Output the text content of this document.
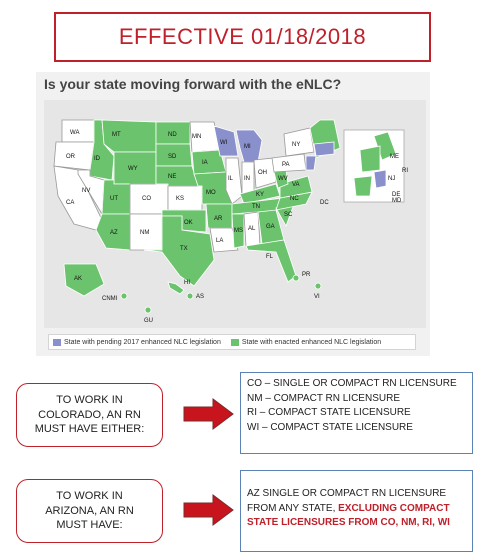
EFFECTIVE 01/18/2018
Is your state moving forward with the eNLC?
WA	MT	ND	MN
OR	ID	SD
WI
MI	NY
WY
NE
IA
IL IN
OH
PA
NV
UT	CO	KS
MO	KY
WV
VA
CA
AZ	NM
OK
AR
TN
NC
TX
LA
MS AL GA
SC
FL
AK
HI
DC
CNMI
GU
AS
PR
VI
ME
NJ
RI
DE
MD
State with pending 2017 enhanced NLC legislation	State with enacted enhanced NLC legislation
TO WORK IN
COLORADO, AN RN
MUST HAVE EITHER:
CO – SINGLE OR COMPACT RN LICENSURE
NM – COMPACT RN LICENSURE
RI – COMPACT STATE LICENSURE
WI – COMPACT STATE LICENSURE
TO WORK IN
ARIZONA, AN RN
MUST HAVE:
AZ SINGLE OR COMPACT RN LICENSURE
FROM ANY STATE, EXCLUDING COMPACT
STATE LICENSURES FROM CO, NM, RI, WI
